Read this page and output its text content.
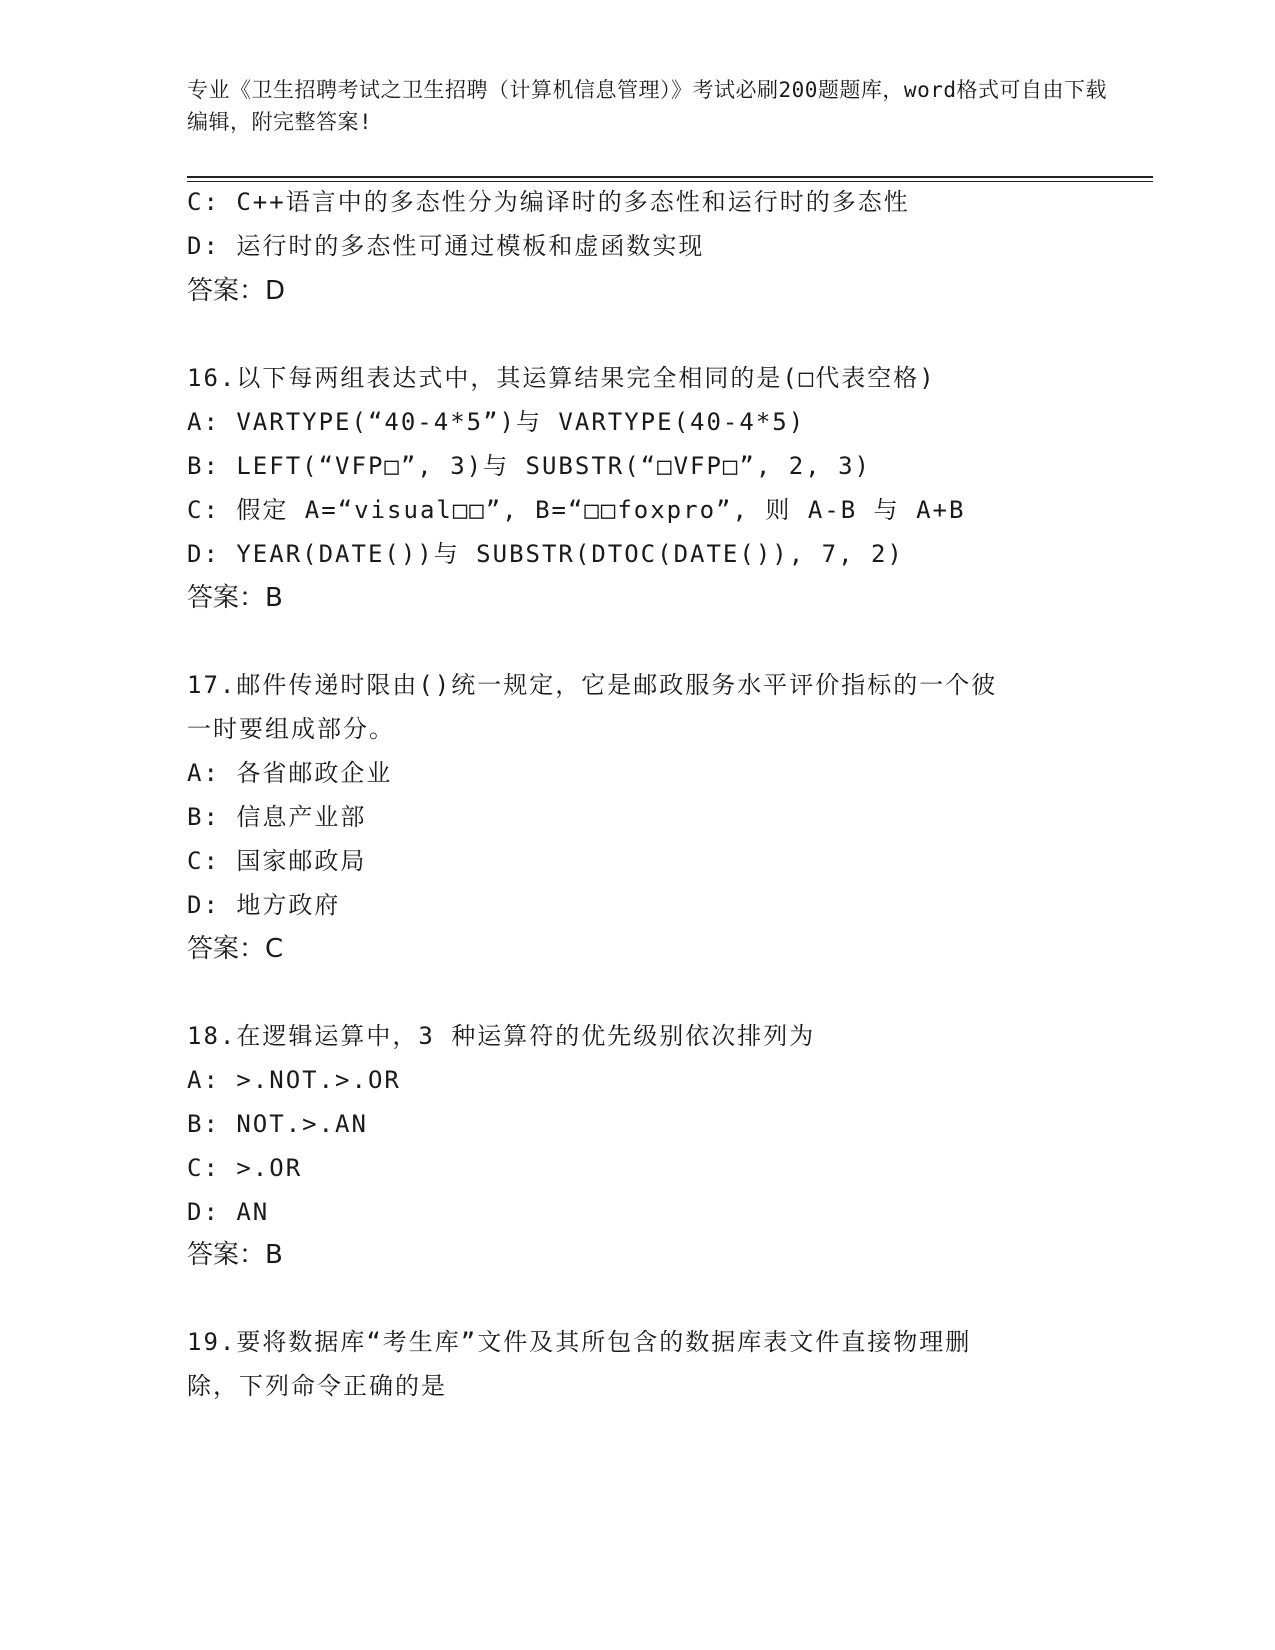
专业《卫生招聘考试之卫生招聘（计算机信息管理）》考试必刷200题题库，word格式可自由下载编辑，附完整答案!

C: C++语言中的多态性分为编译时的多态性和运行时的多态性

D: 运行时的多态性可通过模板和虚函数实现

答案：D

16.以下每两组表达式中，其运算结果完全相同的是(□代表空格)

A: VARTYPE(“40-4*5”)与 VARTYPE(40-4*5)

B: LEFT(“VFP□”, 3)与 SUBSTR(“□VFP□”, 2, 3)

C: 假定 A=“visual□□”, B=“□□foxpro”, 则 A-B 与 A+B

D: YEAR(DATE())与 SUBSTR(DTOC(DATE()), 7, 2)

答案：B

17.邮件传递时限由()统一规定，它是邮政服务水平评价指标的一个彼

一时要组成部分。

A: 各省邮政企业

B: 信息产业部

C: 国家邮政局

D: 地方政府

答案：C

18.在逻辑运算中，3 种运算符的优先级别依次排列为

A: >.NOT.>.OR

B: NOT.>.AN

C: >.OR

D: AN

答案：B

19.要将数据库“考生库”文件及其所包含的数据库表文件直接物理删

除，下列命令正确的是
